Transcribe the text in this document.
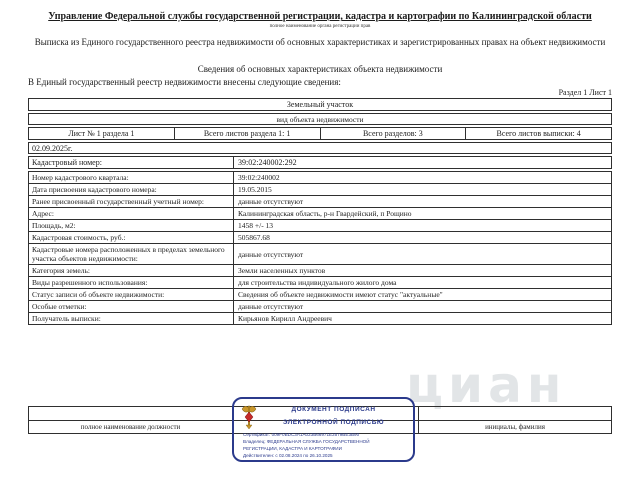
Управление Федеральной службы государственной регистрации, кадастра и картографии по Калининградской области
полное наименование органа регистрации прав
Выписка из Единого государственного реестра недвижимости об основных характеристиках и зарегистрированных правах на объект недвижимости
Сведения об основных характеристиках объекта недвижимости
В Единый государственный реестр недвижимости внесены следующие сведения:
Раздел 1 Лист 1
Земельный участок
вид объекта недвижимости
Лист № 1 раздела 1	Всего листов раздела 1: 1	Всего разделов: 3	Всего листов выписки: 4
02.09.2025г.
Кадастровый номер:	39:02:240002:292
Номер кадастрового квартала:	39:02:240002
Дата присвоения кадастрового номера:	19.05.2015
Ранее присвоенный государственный учетный номер:	данные отсутствуют
Адрес:	Калининградская область, р-н Гвардейский, п Рощино
Площадь, м2:	1458 +/- 13
Кадастровая стоимость, руб.:	505867.68
Кадастровые номера расположенных в пределах земельного участка объектов недвижимости:	данные отсутствуют
Категория земель:	Земли населенных пунктов
Виды разрешенного использования:	для строительства индивидуального жилого дома
Статус записи об объекте недвижимости:	Сведения об объекте недвижимости имеют статус "актуальные"
Особые отметки:	данные отсутствуют
Получатель выписки:	Кирьянов Кирилл Андреевич
циан
полное наименование должности	инициалы, фамилия
ДОКУМЕНТ ПОДПИСАН
ЭЛЕКТРОННОЙ ПОДПИСЬЮ
Сертификат: 009F0BDC3A1A023B66971E2579BE3B90
Владелец: ФЕДЕРАЛЬНАЯ СЛУЖБА ГОСУДАРСТВЕННОЙ
РЕГИСТРАЦИИ, КАДАСТРА И КАРТОГРАФИИ
Действителен: с 02.08.2024 по 26.10.2025
